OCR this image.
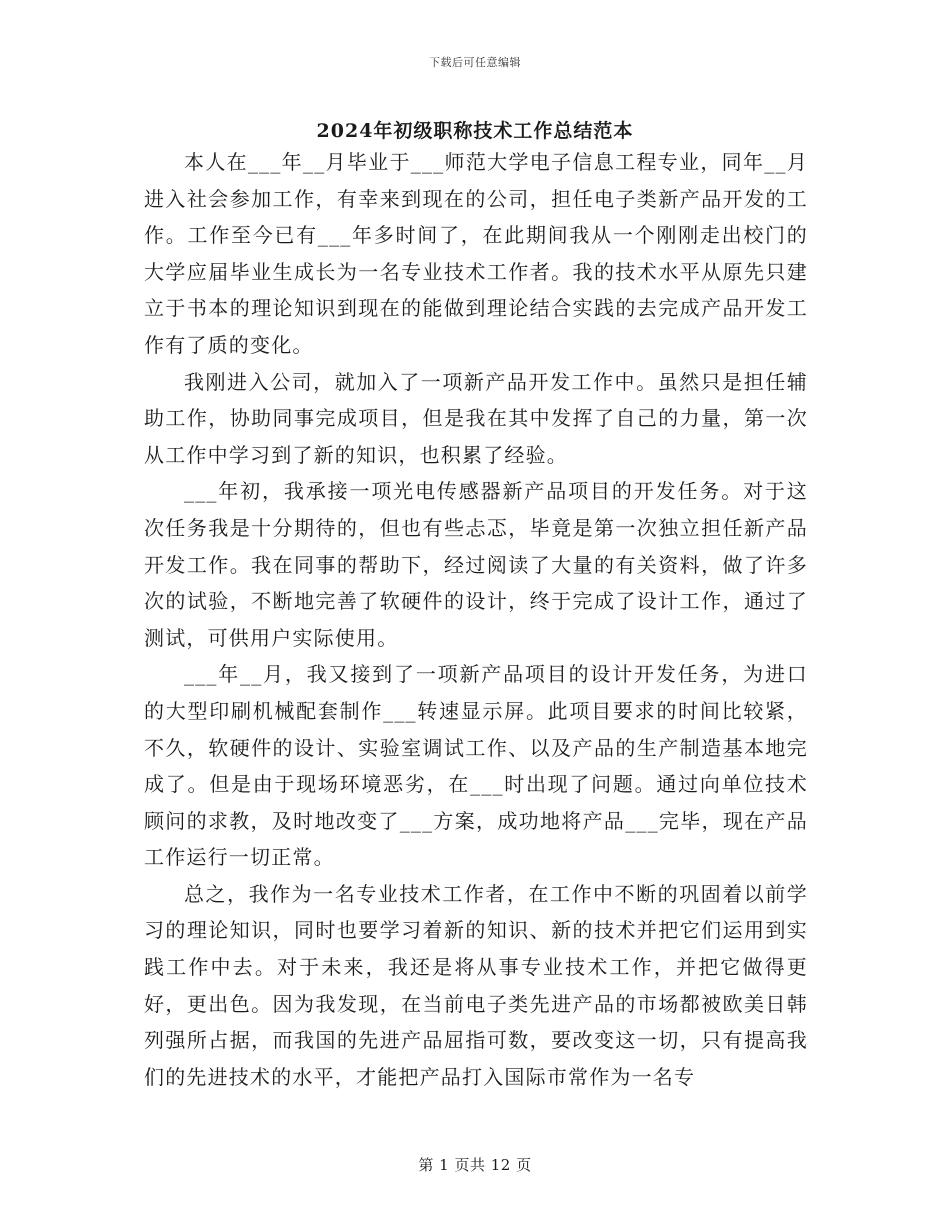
下载后可任意编辑
2024年初级职称技术工作总结范本

本人在___年__月毕业于___师范大学电子信息工程专业，同年__月进入社会参加工作，有幸来到现在的公司，担任电子类新产品开发的工作。工作至今已有___年多时间了，在此期间我从一个刚刚走出校门的大学应届毕业生成长为一名专业技术工作者。我的技术水平从原先只建立于书本的理论知识到现在的能做到理论结合实践的去完成产品开发工作有了质的变化。

我刚进入公司，就加入了一项新产品开发工作中。虽然只是担任辅助工作，协助同事完成项目，但是我在其中发挥了自己的力量，第一次从工作中学习到了新的知识，也积累了经验。

___年初，我承接一项光电传感器新产品项目的开发任务。对于这次任务我是十分期待的，但也有些忐忑，毕竟是第一次独立担任新产品开发工作。我在同事的帮助下，经过阅读了大量的有关资料，做了许多次的试验，不断地完善了软硬件的设计，终于完成了设计工作，通过了测试，可供用户实际使用。

___年__月，我又接到了一项新产品项目的设计开发任务，为进口的大型印刷机械配套制作___转速显示屏。此项目要求的时间比较紧，不久，软硬件的设计、实验室调试工作、以及产品的生产制造基本地完成了。但是由于现场环境恶劣，在___时出现了问题。通过向单位技术顾问的求教，及时地改变了___方案，成功地将产品___完毕，现在产品工作运行一切正常。

总之，我作为一名专业技术工作者，在工作中不断的巩固着以前学习的理论知识，同时也要学习着新的知识、新的技术并把它们运用到实践工作中去。对于未来，我还是将从事专业技术工作，并把它做得更好，更出色。因为我发现，在当前电子类先进产品的市场都被欧美日韩列强所占据，而我国的先进产品屈指可数，要改变这一切，只有提高我们的先进技术的水平，才能把产品打入国际市常作为一名专

第 1 页共 12 页
